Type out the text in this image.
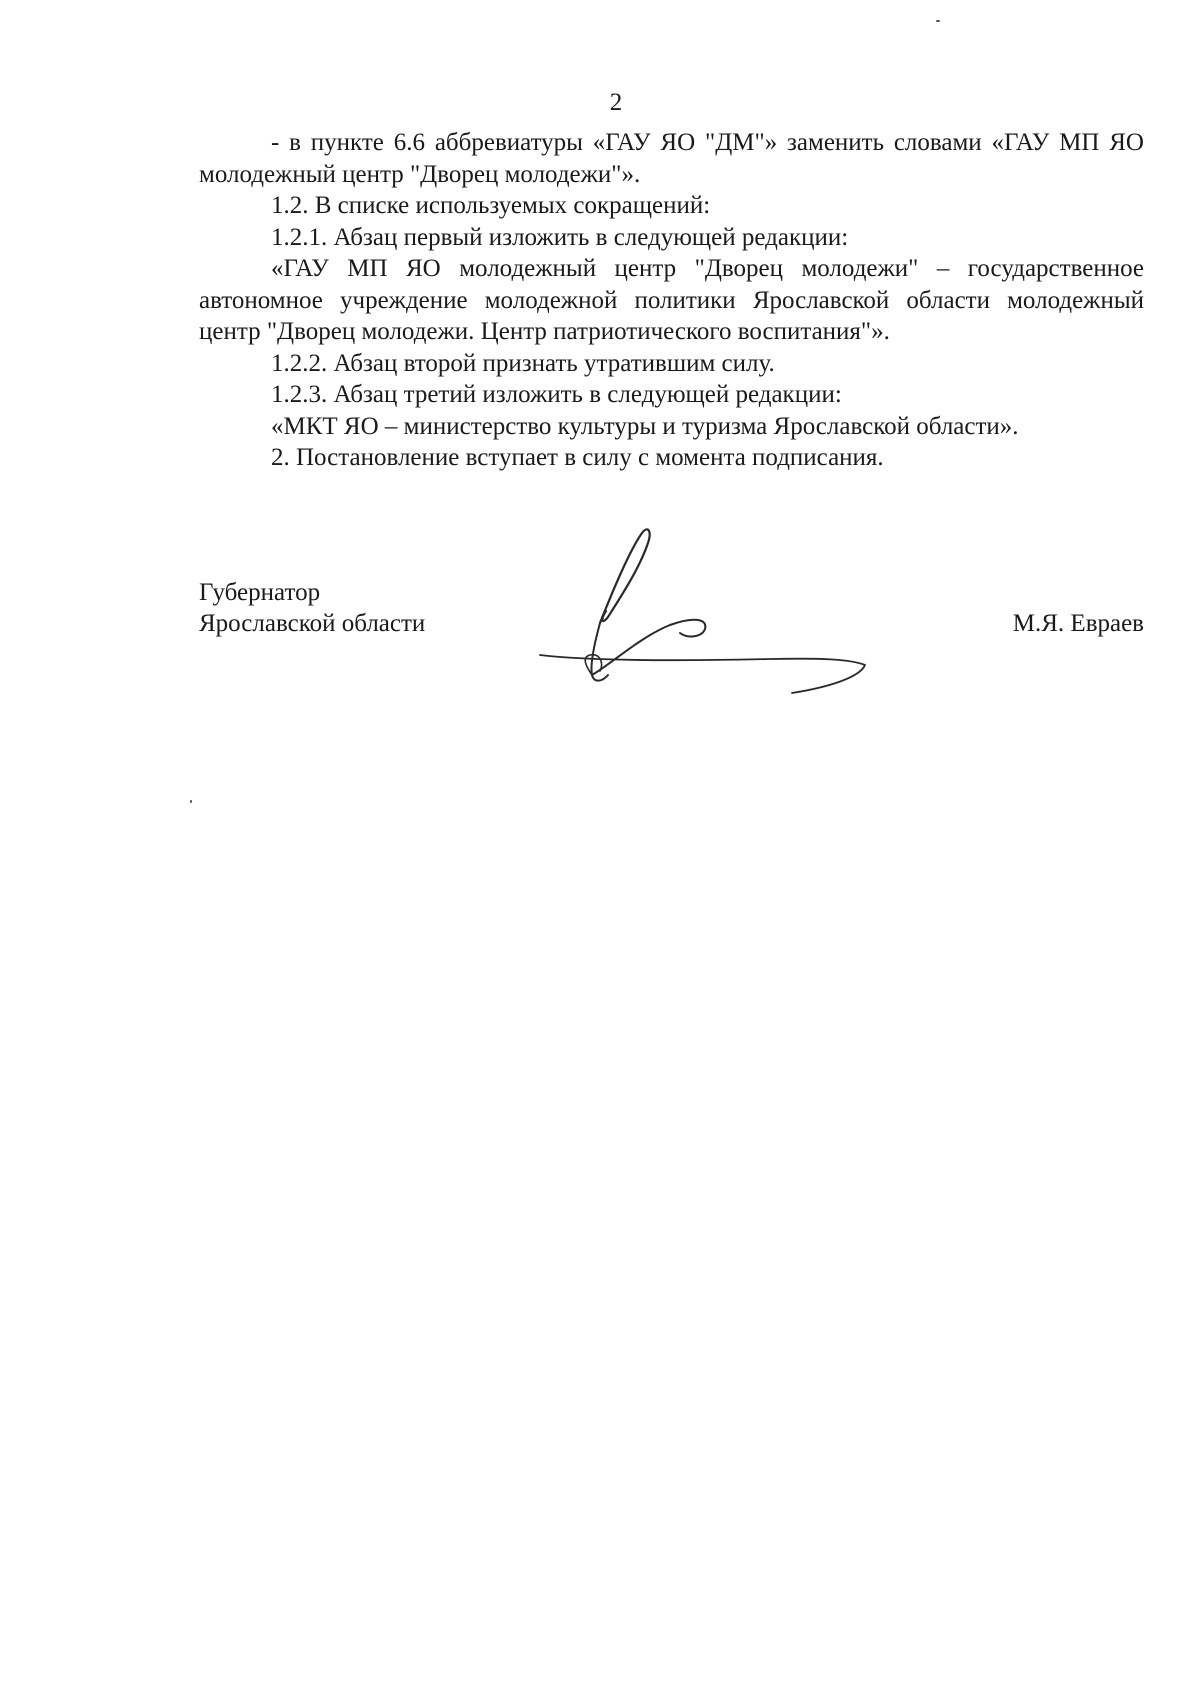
2

- в пункте 6.6 аббревиатуры «ГАУ ЯО "ДМ"» заменить словами «ГАУ МП ЯО молодежный центр "Дворец молодежи"».

1.2. В списке используемых сокращений:

1.2.1. Абзац первый изложить в следующей редакции:

«ГАУ МП ЯО молодежный центр "Дворец молодежи" – государственное автономное учреждение молодежной политики Ярославской области молодежный центр "Дворец молодежи. Центр патриотического воспитания"».

1.2.2. Абзац второй признать утратившим силу.

1.2.3. Абзац третий изложить в следующей редакции:

«МКТ ЯО – министерство культуры и туризма Ярославской области».

2. Постановление вступает в силу с момента подписания.

Губернатор
Ярославской области	М.Я. Евраев
